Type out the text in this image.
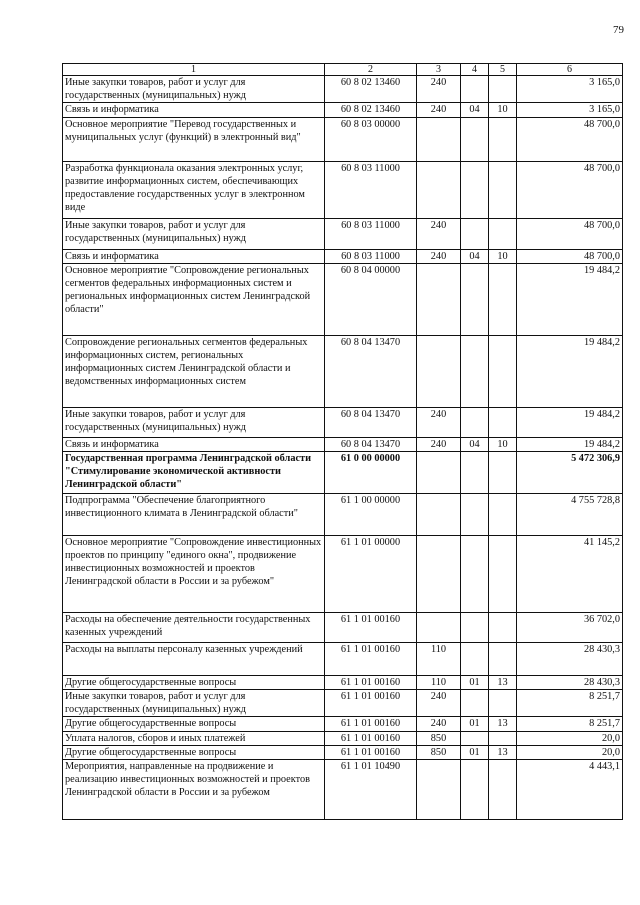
79
1	2	3	4	5	6
Иные закупки товаров, работ и услуг для государственных (муниципальных) нужд	60 8 02 13460	240			3 165,0
Связь и информатика	60 8 02 13460	240	04	10	3 165,0
Основное мероприятие "Перевод государственных и муниципальных услуг (функций) в электронный вид"	60 8 03 00000				48 700,0
Разработка функционала оказания электронных услуг, развитие информационных систем, обеспечивающих предоставление государственных услуг в электронном виде	60 8 03 11000				48 700,0
Иные закупки товаров, работ и услуг для государственных (муниципальных) нужд	60 8 03 11000	240			48 700,0
Связь и информатика	60 8 03 11000	240	04	10	48 700,0
Основное мероприятие "Сопровождение региональных сегментов федеральных информационных систем и региональных информационных систем Ленинградской области"	60 8 04 00000				19 484,2
Сопровождение региональных сегментов федеральных информационных систем, региональных информационных систем Ленинградской области и ведомственных информационных систем	60 8 04 13470				19 484,2
Иные закупки товаров, работ и услуг для государственных (муниципальных) нужд	60 8 04 13470	240			19 484,2
Связь и информатика	60 8 04 13470	240	04	10	19 484,2
Государственная программа Ленинградской области "Стимулирование экономической активности Ленинградской области"	61 0 00 00000				5 472 306,9
Подпрограмма "Обеспечение благоприятного инвестиционного климата в Ленинградской области"	61 1 00 00000				4 755 728,8
Основное мероприятие "Сопровождение инвестиционных проектов по принципу "единого окна", продвижение инвестиционных возможностей и проектов Ленинградской области в России и за рубежом"	61 1 01 00000				41 145,2
Расходы на обеспечение деятельности государственных казенных учреждений	61 1 01 00160				36 702,0
Расходы на выплаты персоналу казенных учреждений	61 1 01 00160	110			28 430,3
Другие общегосударственные вопросы	61 1 01 00160	110	01	13	28 430,3
Иные закупки товаров, работ и услуг для государственных (муниципальных) нужд	61 1 01 00160	240			8 251,7
Другие общегосударственные вопросы	61 1 01 00160	240	01	13	8 251,7
Уплата налогов, сборов и иных платежей	61 1 01 00160	850			20,0
Другие общегосударственные вопросы	61 1 01 00160	850	01	13	20,0
Мероприятия, направленные на продвижение и реализацию инвестиционных возможностей и проектов Ленинградской области в России и за рубежом	61 1 01 10490				4 443,1
